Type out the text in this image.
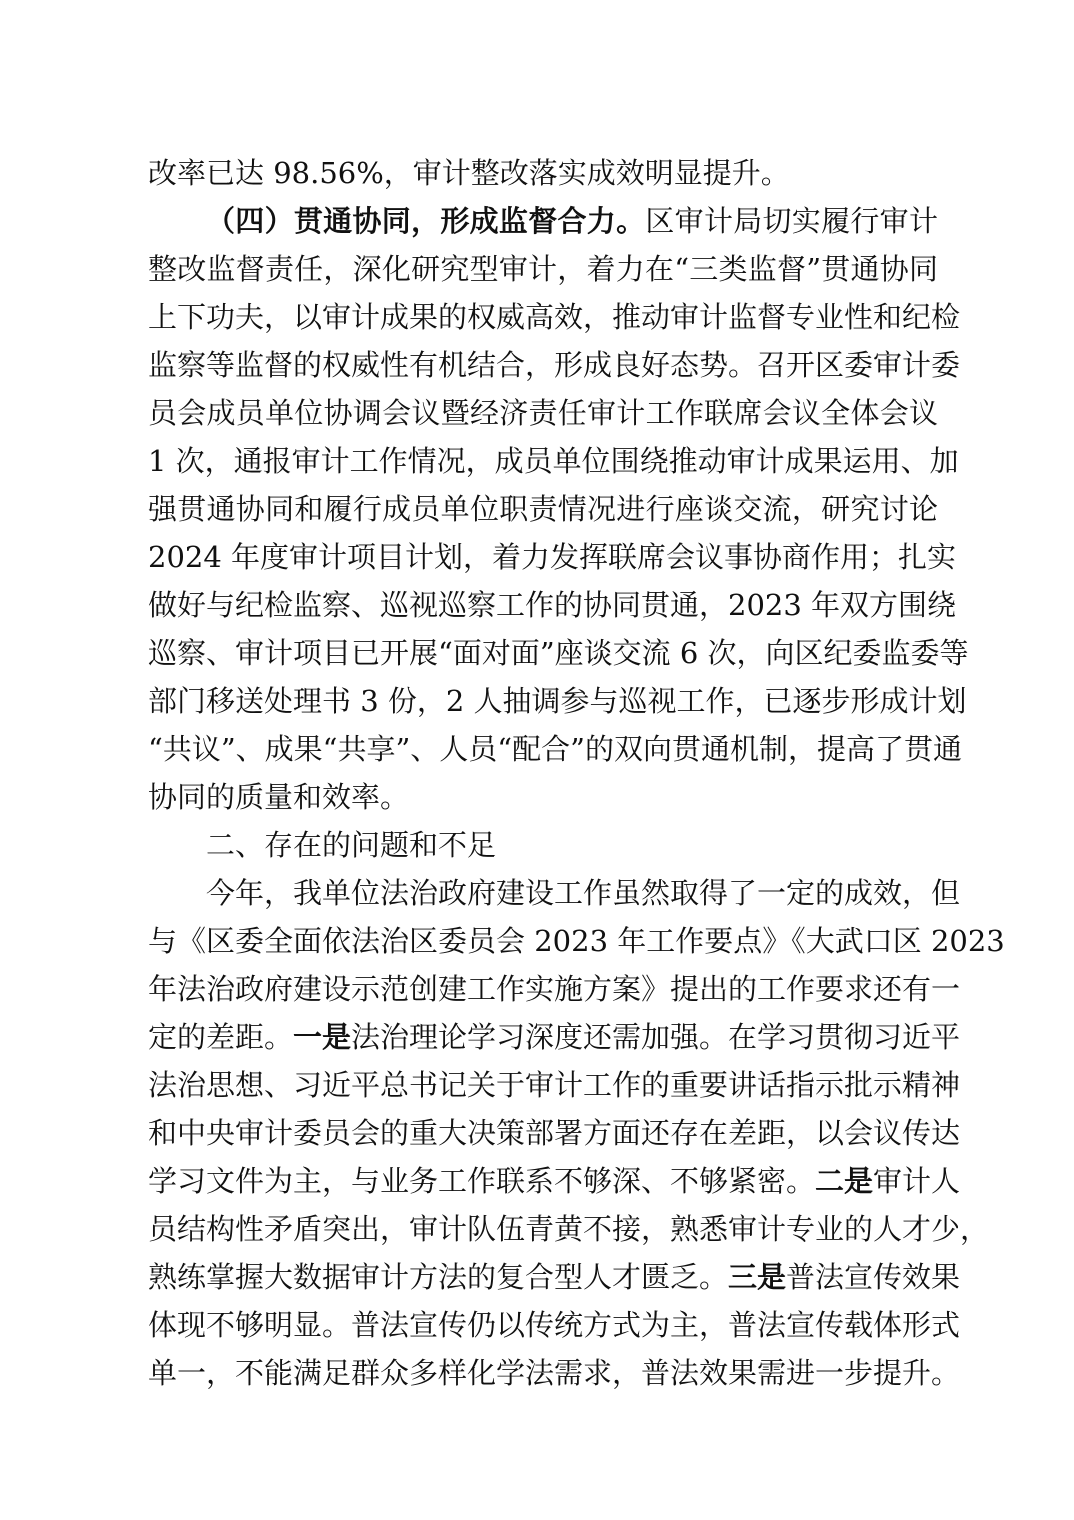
改率已达 98.56%，审计整改落实成效明显提升。
（四）贯通协同，形成监督合力。区审计局切实履行审计
整改监督责任，深化研究型审计，着力在“三类监督”贯通协同
上下功夫，以审计成果的权威高效，推动审计监督专业性和纪检
监察等监督的权威性有机结合，形成良好态势。召开区委审计委
员会成员单位协调会议暨经济责任审计工作联席会议全体会议
1 次，通报审计工作情况，成员单位围绕推动审计成果运用、加
强贯通协同和履行成员单位职责情况进行座谈交流，研究讨论
2024 年度审计项目计划，着力发挥联席会议事协商作用；扎实
做好与纪检监察、巡视巡察工作的协同贯通，2023 年双方围绕
巡察、审计项目已开展“面对面”座谈交流 6 次，向区纪委监委等
部门移送处理书 3 份，2 人抽调参与巡视工作，已逐步形成计划
“共议”、成果“共享”、人员“配合”的双向贯通机制，提高了贯通
协同的质量和效率。
二、存在的问题和不足
今年，我单位法治政府建设工作虽然取得了一定的成效，但
与《区委全面依法治区委员会 2023 年工作要点》《大武口区 2023
年法治政府建设示范创建工作实施方案》提出的工作要求还有一
定的差距。一是法治理论学习深度还需加强。在学习贯彻习近平
法治思想、习近平总书记关于审计工作的重要讲话指示批示精神
和中央审计委员会的重大决策部署方面还存在差距，以会议传达
学习文件为主，与业务工作联系不够深、不够紧密。二是审计人
员结构性矛盾突出，审计队伍青黄不接，熟悉审计专业的人才少，
熟练掌握大数据审计方法的复合型人才匮乏。三是普法宣传效果
体现不够明显。普法宣传仍以传统方式为主，普法宣传载体形式
单一，不能满足群众多样化学法需求，普法效果需进一步提升。
